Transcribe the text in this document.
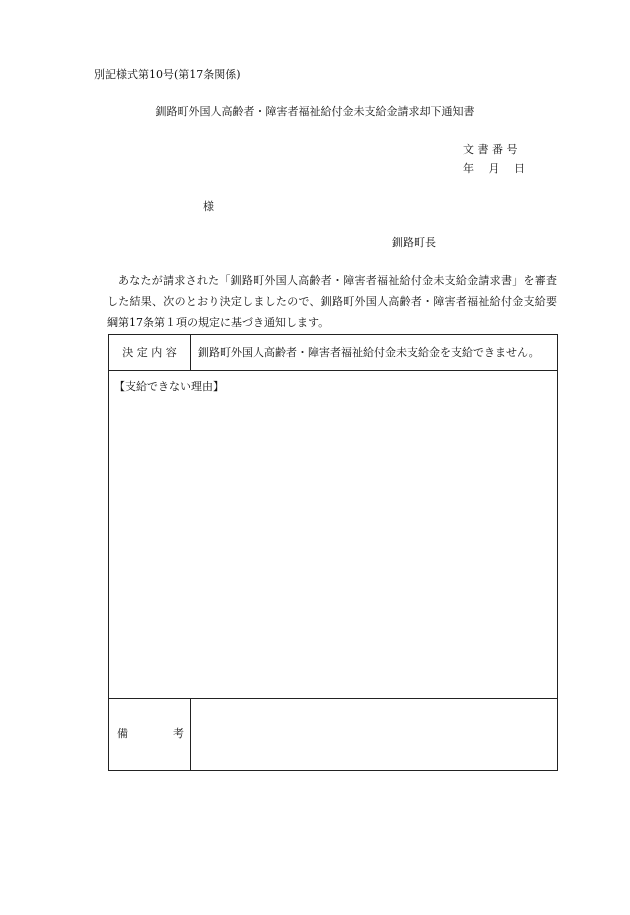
別記様式第10号(第17条関係)
釧路町外国人高齢者・障害者福祉給付金未支給金請求却下通知書
文 書 番 号
年 　月 　日
様
釧路町長
あなたが請求された「釧路町外国人高齢者・障害者福祉給付金未支給金請求書」を審査した結果、次のとおり決定しましたので、釧路町外国人高齢者・障害者福祉給付金支給要綱第17条第１項の規定に基づき通知します。
決 定 内 容	釧路町外国人高齢者・障害者福祉給付金未支給金を支給できません。
【支給できない理由】
備	考
